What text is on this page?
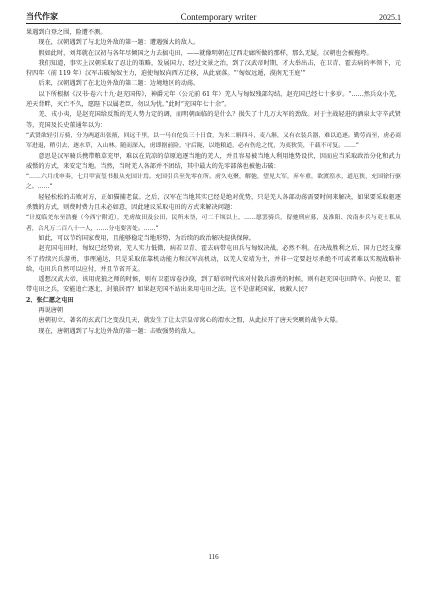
当代作家	Contemporary writer	2025.1

果遇到白登之围，险遭不测。

现在，汉朝遇到了与北边外敌的第一题：遭遇强大的敌人。

假如此时，刘邦就在汉初与各年尽倾国之力去搞屯田，——就像明朝在辽西走廊所做的那样，那么无疑，汉朝也会被拖垮。

我们知道，事实上汉朝采取了忍让的策略，发展国力，经过文景之治，到了汉武帝时期，才大举出击，在卫青、霍去病的率领下，元狩四年（前 119 年）汉军击破匈奴主力，迫使匈奴向西方迁移，从此衰落。“‘匈奴远遁，漠南无王庭’”

后来，汉朝遇到了在北边外敌的第二题：边境地区的动荡。

以下所根据《汉书·卷六十九·赵充国传》，神爵元年（公元前 61 年）羌人与匈奴残部勾结，赵充国已经七十多岁。“……然兵众小羌，逆天背畔，灭亡不久，愿陛下以属老臣，勿以为忧。”此时“充国年七十余”。

羌、戎小夷，是赵充国给反叛的羌人势力定的调，而明朝面临的是什么？损失了十几万大军的劲敌。对于主战轻进的酒泉太守辛武贤等，充国及长史董通年以为：

“武贤欲轻引万骑，分为两道出张掖，回远千里，以一马自佗负三十日食，为米二斛四斗，麦八斛，又有衣装兵器，难以追逐。勤劳而至，虏必商军进退，稍引去，逐水草，入山林。随而深入，虏即据前险，守后阨，以绝粮道，必有伤危之忧，为夷狄笑，千载不可复。……”

意思是汉军骑兵携带粮草充甲，难以在荒凉的草原追逐当地的羌人，并且容易被当地人利用地势设伏，因而应当采取政治分化和武力威慑的方式，来安定当地。当然，当时羌人各部并不团结，其中最大的先零部落也被他击破：

“……六月戊申奏，七月甲寅玺书报从充国计焉。充国引兵至先零在所。虏久屯聚，解弛，望见大军，弃车重，欲渡湟水，道厄狭，充国徐行驱之。……”

轻轻松松的击败对方，正如猫捕老鼠。之后，汉军在当地其实已经是绝对优势，只是羌人各部动荡需要时间来解决，如果要采取驱逐杀戮的方式，则费时费力且未必如意，因此建议采取屯田的方式来解决问题：

“计度临羌东至浩亹（今西宁附近），羌虏故田及公田，民所未垦，可二千顷以上，……愿罢骑兵，留驰刑应募，及淮阳、汝南步兵与吏士私从者，合凡万二百八十一人，……分屯要害处。……”

如此，可以节约国家费用，且能够稳定当地形势，为后续的政治解决提供保障。

赵充国屯田时，匈奴已经势衰，羌人实力低微，病若卫青、霍去病带屯田兵与匈奴决战，必然不利。在决战胜利之后，国力已经支撑不了持续兴兵游勇，事理通达，只是采取依靠机动能力和汉军高机动，以羌人安靖为主，并非一定要赶尽杀绝不可或者难以实现战略补给，屯田兵自然可以应付，并且节省开支。

遥想汉武大帝，该用虎狼之师的时候，则有卫霍席卷沙漠，到了昭帝时代该对付散兵游勇的时候，则有赵充国屯田降卒。向使卫、霍带屯田之兵，安能追亡逐北、封狼居胥？如果赵充国不站出来用屯田之法，岂不是虚耗国家，疲敝人民？

2、张仁愿之屯田

再说唐朝

唐朝初立，著名的玄武门之变没几天，就发生了让太宗皇帝窝心的渭水之盟，从此拉开了唐天突厥的战争大幕。

现在，唐朝遇到了与北边外敌的第一题：击败强势的敌人。

116
